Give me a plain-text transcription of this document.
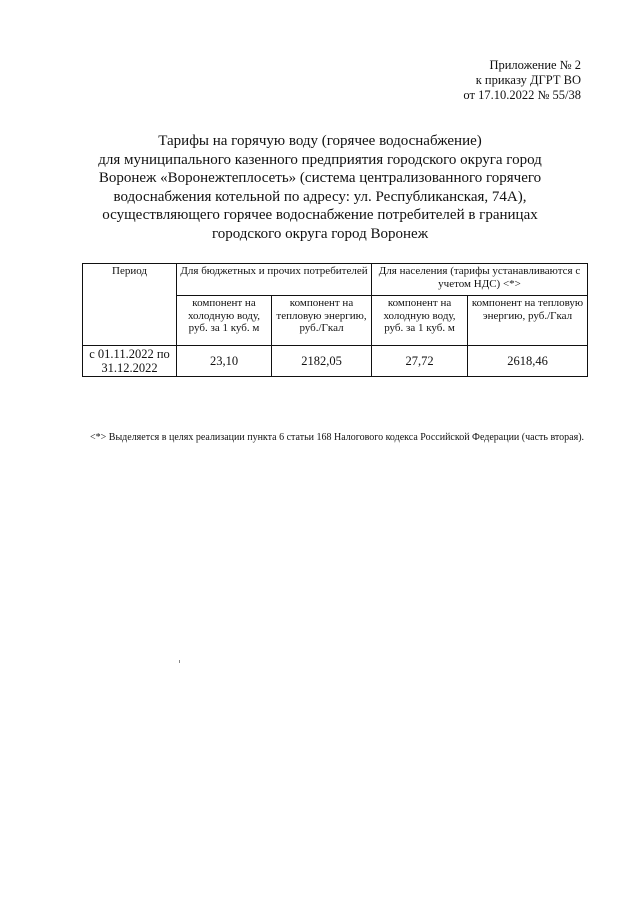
Приложение № 2
к приказу ДГРТ ВО
от 17.10.2022 № 55/38
Тарифы на горячую воду (горячее водоснабжение)
для муниципального казенного предприятия городского округа город
Воронеж «Воронежтеплосеть» (система централизованного горячего
водоснабжения котельной по адресу: ул. Республиканская, 74А),
осуществляющего горячее водоснабжение потребителей в границах
городского округа город Воронеж
Период	Для бюджетных и прочих потребителей		Для населения (тарифы устанавливаются с учетом НДС) <*>	
	компонент на холодную воду, руб. за 1 куб. м	компонент на тепловую энергию, руб./Гкал	компонент на холодную воду, руб. за 1 куб. м	компонент на тепловую энергию, руб./Гкал
с 01.11.2022 по 31.12.2022	23,10	2182,05	27,72	2618,46
<*> Выделяется в целях реализации пункта 6 статьи 168 Налогового кодекса Российской Федерации (часть вторая).
